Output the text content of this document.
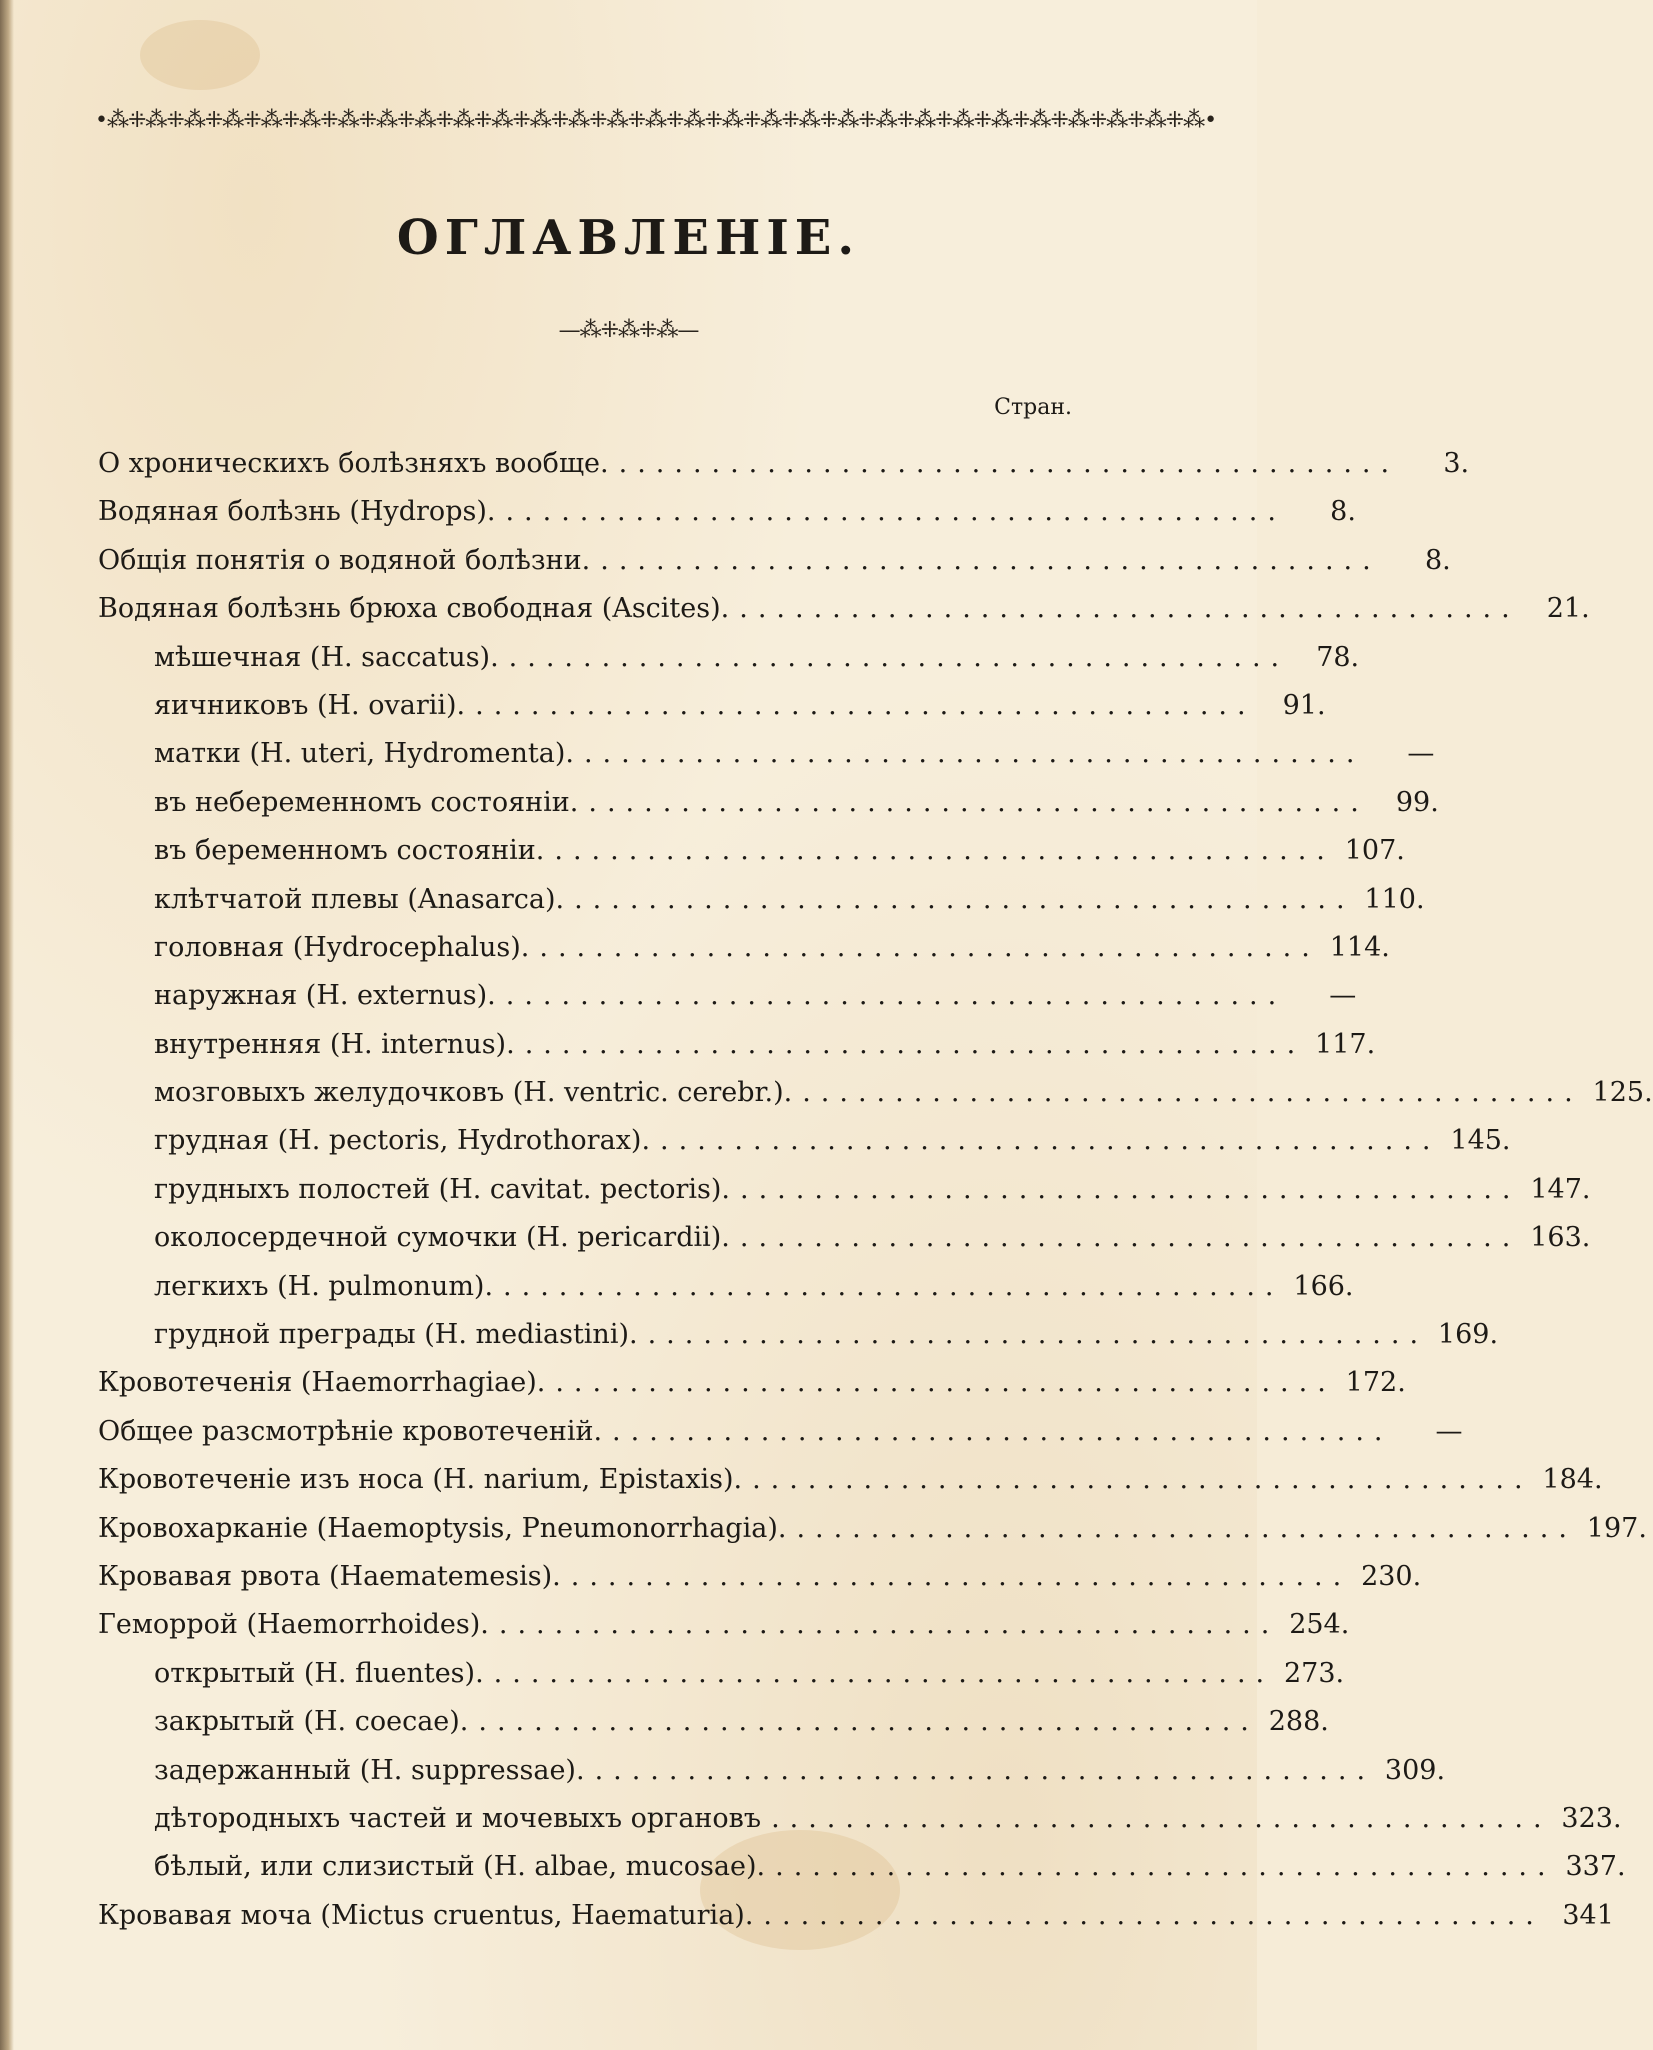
•⁂⁜⁂⁜⁂⁜⁂⁜⁂⁜⁂⁜⁂⁜⁂⁜⁂⁜⁂⁜⁂⁜⁂⁜⁂⁜⁂⁜⁂⁜⁂⁜⁂⁜⁂⁜⁂⁜⁂⁜⁂⁜⁂⁜⁂⁜⁂⁜⁂⁜⁂⁜⁂⁜⁂⁜⁂•
ОГЛАВЛЕНІЕ.
—⁂⁜⁂⁜⁂—
Стран.
О хроническихъ болѣзняхъ вообще. ..........................................	3.
Водяная болѣзнь (Hydrops). ..........................................	8.
Общія понятія о водяной болѣзни. ..........................................	8.
Водяная болѣзнь брюха свободная (Ascites). ..........................................	21.
мѣшечная (H. saccatus). ..........................................	78.
яичниковъ (H. ovarii). ..........................................	91.
матки (H. uteri, Hydromenta). ..........................................	—
въ небеременномъ состояніи. ..........................................	99.
въ беременномъ состояніи. .......................................... 107.
клѣтчатой плевы (Anasarca). .......................................... 110.
головная (Hydrocephalus). .......................................... 114.
наружная (H. externus). ..........................................	—
внутренняя (H. internus). .......................................... 117.
мозговыхъ желудочковъ (H. ventric. cerebr.). .......................................... 125.
грудная (H. pectoris, Hydrothorax). .......................................... 145.
грудныхъ полостей (H. cavitat. pectoris). .......................................... 147.
околосердечной сумочки (H. pericardii). .......................................... 163.
легкихъ (H. pulmonum). .......................................... 166.
грудной преграды (H. mediastini). .......................................... 169.
Кровотеченія (Haemorrhagiae). .......................................... 172.
Общее разсмотрѣніе кровотеченій. ..........................................	—
Кровотеченіе изъ носа (H. narium, Epistaxis). .......................................... 184.
Кровохарканіе (Haemoptysis, Pneumonorrhagia). .......................................... 197.
Кровавая рвота (Haematemesis). .......................................... 230.
Геморрой (Haemorrhoides). .......................................... 254.
открытый (H. fluentes). .......................................... 273.
закрытый (H. coecae). .......................................... 288.
задержанный (H. suppressae). .......................................... 309.
дѣтородныхъ частей и мочевыхъ органовъ .......................................... 323.
бѣлый, или слизистый (H. albae, mucosae). .......................................... 337.
Кровавая моча (Mictus cruentus, Haematuria). .......................................... 341
